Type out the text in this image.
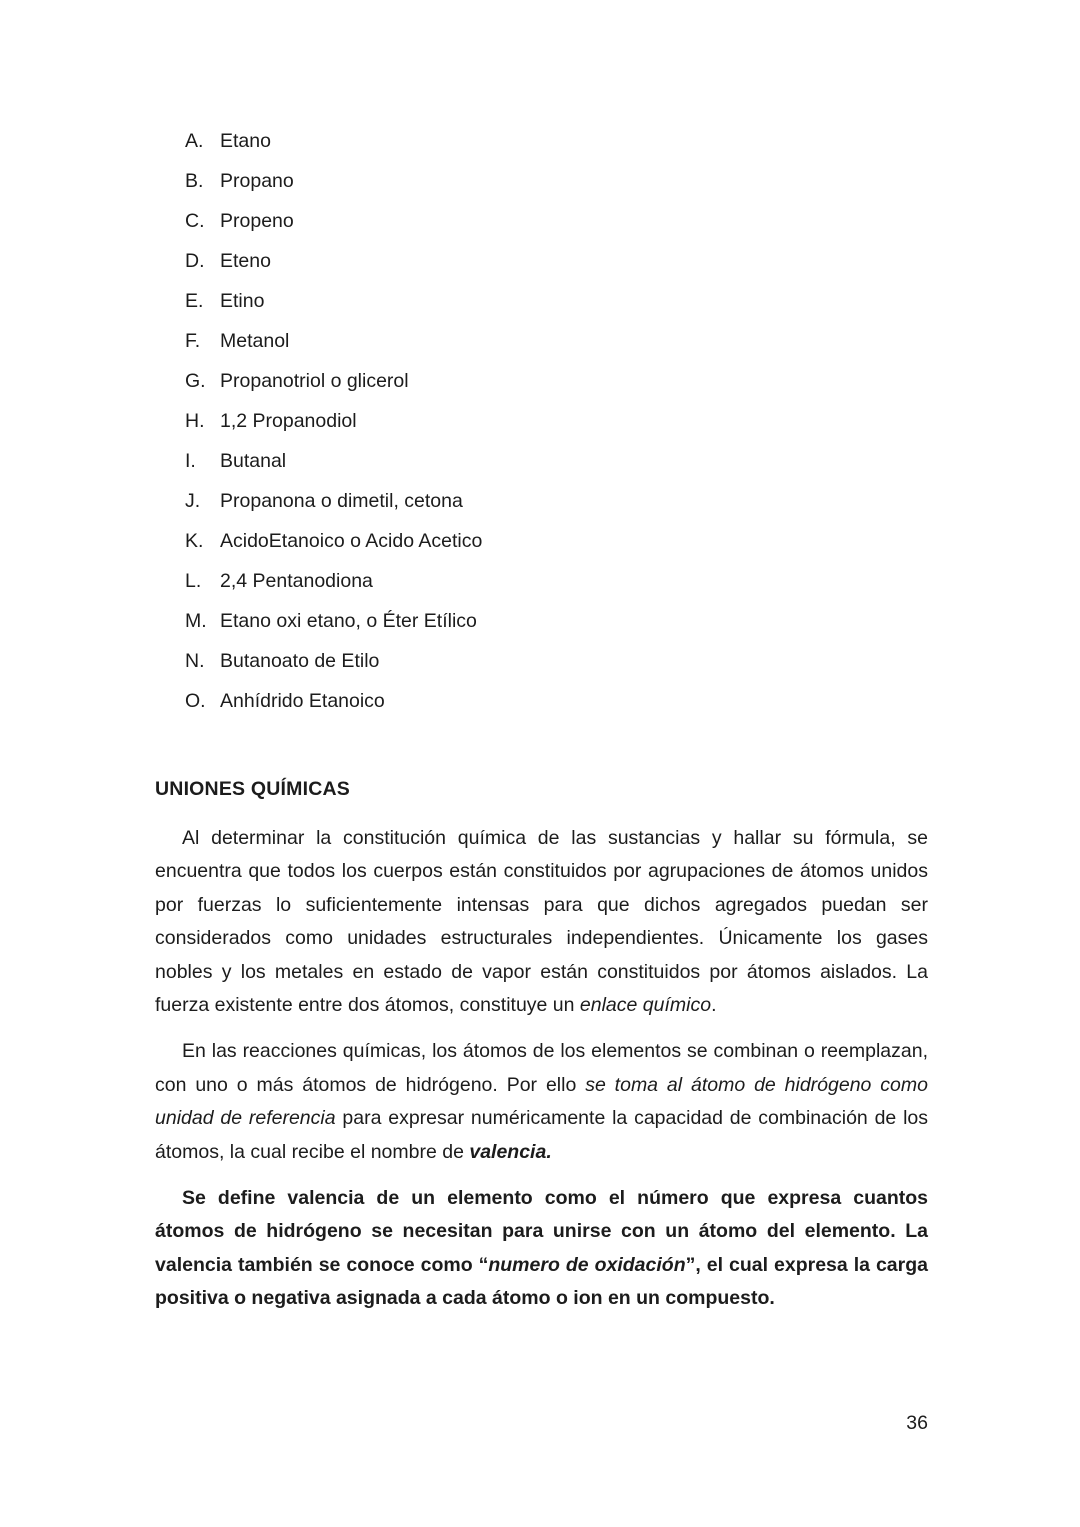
A. Etano
B. Propano
C. Propeno
D. Eteno
E. Etino
F.	Metanol
G. Propanotriol o glicerol
H. 1,2 Propanodiol
I.	Butanal
J.	Propanona o dimetil, cetona
K. AcidoEtanoico o Acido Acetico
L. 2,4 Pentanodiona
M. Etano oxi etano, o Éter Etílico
N. Butanoato de Etilo
O. Anhídrido Etanoico
UNIONES QUÍMICAS

Al determinar la constitución química de las sustancias y hallar su fórmula, se encuentra que todos los cuerpos están constituidos por agrupaciones de átomos unidos por fuerzas lo suficientemente intensas para que dichos agregados puedan ser considerados como unidades estructurales independientes. Únicamente los gases nobles y los metales en estado de vapor están constituidos por átomos aislados. La fuerza existente entre dos átomos, constituye un enlace químico.

En las reacciones químicas, los átomos de los elementos se combinan o reemplazan, con uno o más átomos de hidrógeno. Por ello se toma al átomo de hidrógeno como unidad de referencia para expresar numéricamente la capacidad de combinación de los átomos, la cual recibe el nombre de valencia.

Se define valencia de un elemento como el número que expresa cuantos átomos de hidrógeno se necesitan para unirse con un átomo del elemento. La valencia también se conoce como “numero de oxidación”, el cual expresa la carga positiva o negativa asignada a cada átomo o ion en un compuesto.

36
